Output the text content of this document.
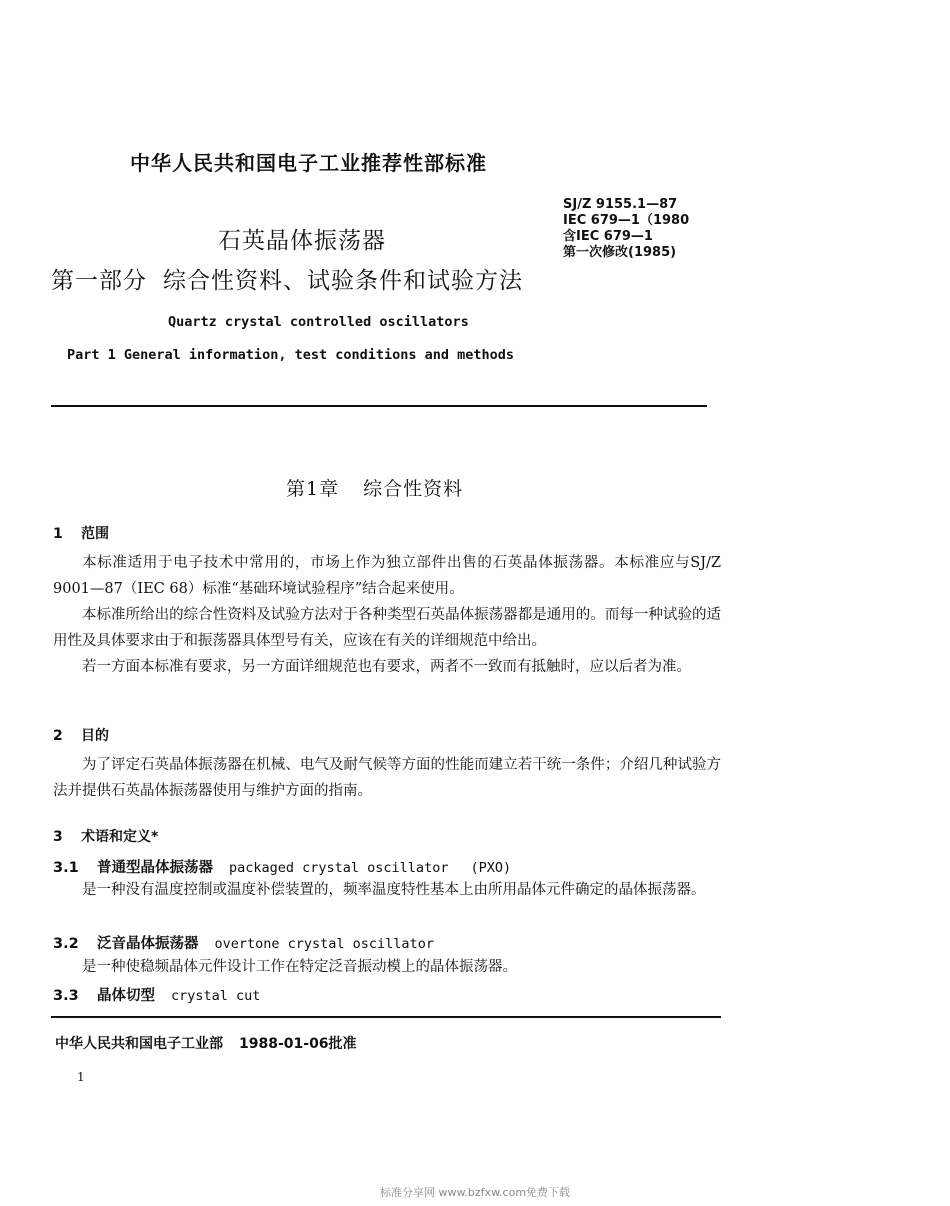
中华人民共和国电子工业推荐性部标准
SJ/Z 9155.1—87
IEC 679—1（1980
含IEC 679—1
第一次修改(1985)
石英晶体振荡器
第一部分 综合性资料、试验条件和试验方法
Quartz crystal controlled oscillators
Part 1 General information, test conditions and methods
第1章 综合性资料
1 范围

本标准适用于电子技术中常用的，市场上作为独立部件出售的石英晶体振荡器。本标准应与SJ/Z 9001—87（IEC 68）标准“基础环境试验程序”结合起来使用。

本标准所给出的综合性资料及试验方法对于各种类型石英晶体振荡器都是通用的。而每一种试验的适用性及具体要求由于和振荡器具体型号有关，应该在有关的详细规范中给出。

若一方面本标准有要求，另一方面详细规范也有要求，两者不一致而有抵触时，应以后者为准。

2 目的

为了评定石英晶体振荡器在机械、电气及耐气候等方面的性能而建立若干统一条件；介绍几种试验方法并提供石英晶体振荡器使用与维护方面的指南。

3 术语和定义*
3.1 普通型晶体振荡器 packaged crystal oscillator (PXO)

是一种没有温度控制或温度补偿装置的，频率温度特性基本上由所用晶体元件确定的晶体振荡器。

3.2 泛音晶体振荡器 overtone crystal oscillator

是一种使稳频晶体元件设计工作在特定泛音振动模上的晶体振荡器。

3.3 晶体切型 crystal cut
中华人民共和国电子工业部 1988-01-06批准
1
标准分享网 www.bzfxw.com免费下载
